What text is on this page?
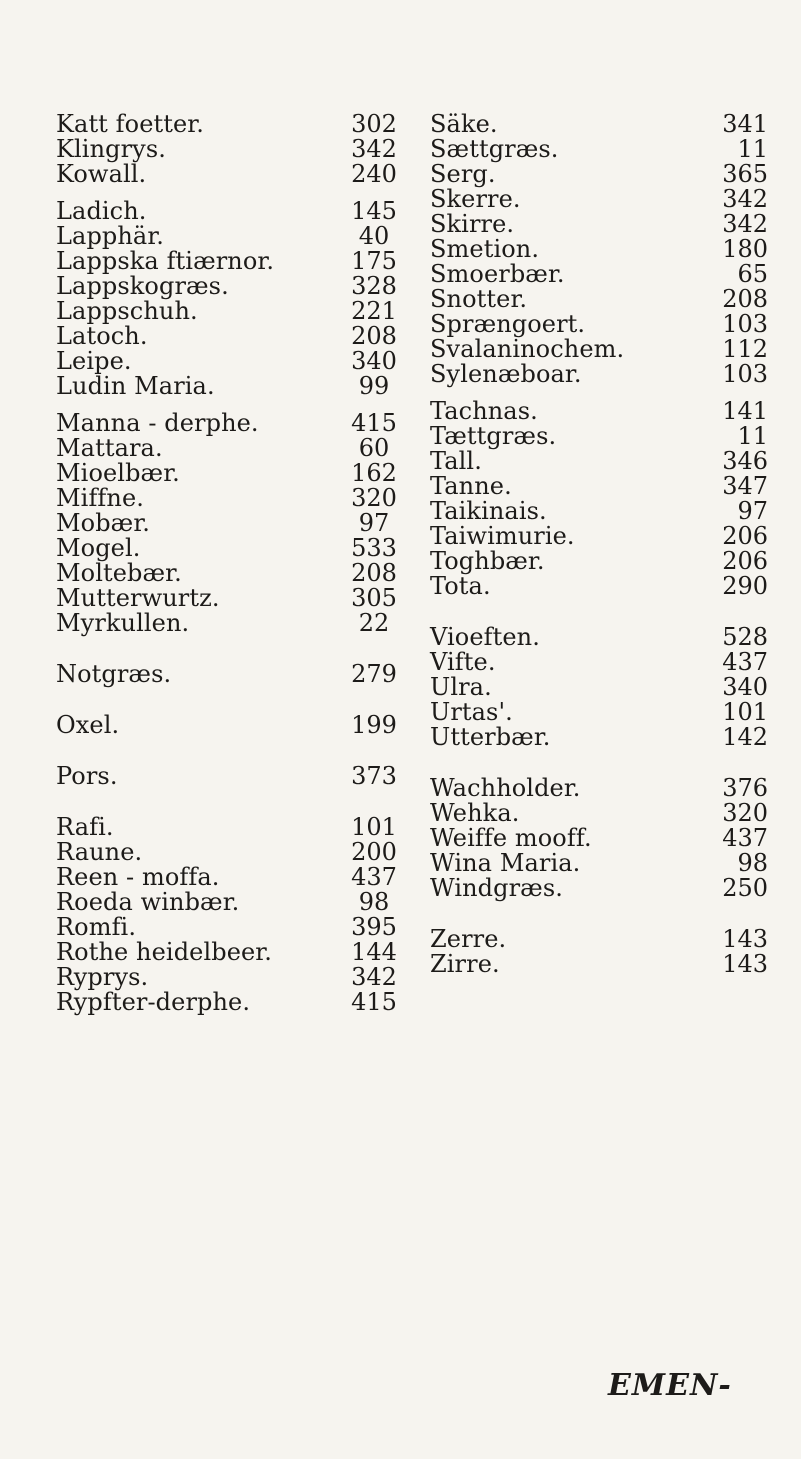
Katt foetter.	302
Klingrys.	342
Kowall.	240
Ladich.	145
Lapphär.	40
Lappska ftiærnor.	175
Lappskogræs.	328
Lappschuh.	221
Latoch.	208
Leipe.	340
Ludin Maria.	99
Manna - derphe.	415
Mattara.	60
Mioelbær.	162
Miffne.	320
Mobær.	97
Mogel.	533
Moltebær.	208
Mutterwurtz.	305
Myrkullen.	22
Notgræs.	279
Oxel.	199
Pors.	373
Rafi.	101
Raune.	200
Reen - moffa.	437
Roeda winbær.	98
Romfi.	395
Rothe heidelbeer.	144
Ryprys.	342
Rypfter-derphe.	415
Säke.	341
Sættgræs.	11
Serg.	365
Skerre.	342
Skirre.	342
Smetion.	180
Smoerbær.	65
Snotter.	208
Sprængoert.	103
Svalaninochem.	112
Sylenæboar.	103
Tachnas.	141
Tættgræs.	11
Tall.	346
Tanne.	347
Taikinais.	97
Taiwimurie.	206
Toghbær.	206
Tota.	290
Vioeften.	528
Vifte.	437
Ulra.	340
Urtas'.	101
Utterbær.	142
Wachholder.	376
Wehka.	320
Weiffe mooff.	437
Wina Maria.	98
Windgræs.	250
Zerre.	143
Zirre.	143
EMEN-
